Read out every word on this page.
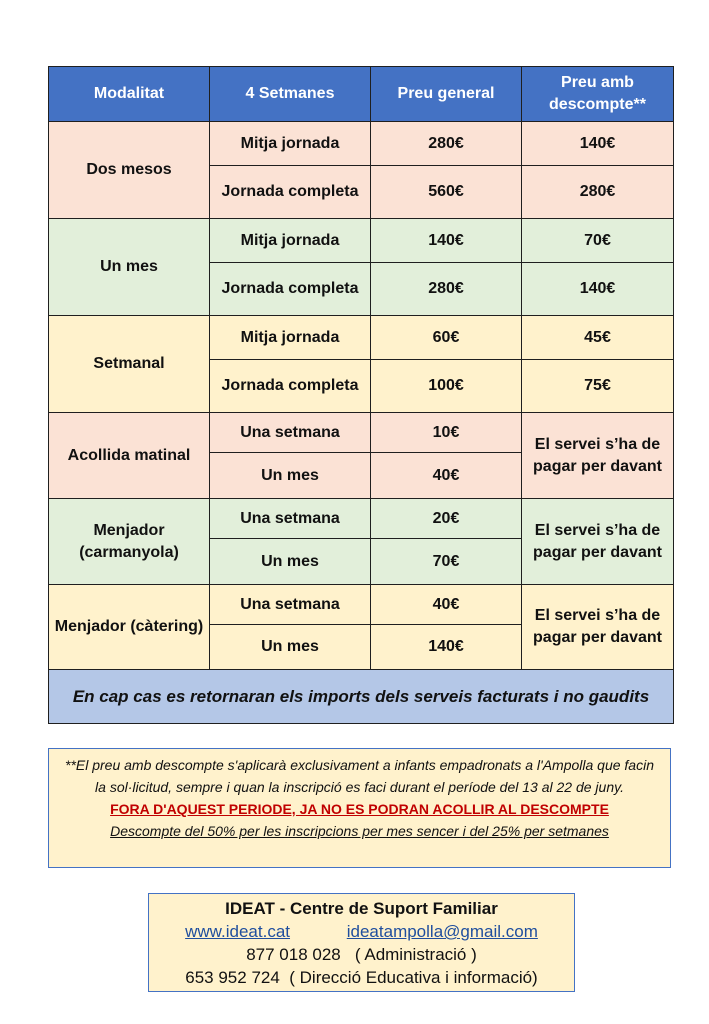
Modalitat	4 Setmanes	Preu general	Preu amb descompte**
Dos mesos	Mitja jornada	280€	140€
	Jornada completa	560€	280€
Un mes	Mitja jornada	140€	70€
	Jornada completa	280€	140€
Setmanal	Mitja jornada	60€	45€
	Jornada completa	100€	75€
Acollida matinal	Una setmana	10€	El servei s’ha de pagar per davant
	Un mes	40€	
Menjador (carmanyola)	Una setmana	20€	El servei s’ha de pagar per davant
	Un mes	70€	
Menjador (càtering)	Una setmana	40€	El servei s’ha de pagar per davant
	Un mes	140€	
En cap cas es retornaran els imports dels serveis facturats i no gaudits			
**El preu amb descompte s'aplicarà exclusivament a infants empadronats a l'Ampolla que facin la sol·licitud, sempre i quan la inscripció es faci durant el període del 13 al 22 de juny.
FORA D'AQUEST PERIODE, JA NO ES PODRAN ACOLLIR AL DESCOMPTE
Descompte del 50% per les inscripcions per mes sencer i del 25% per setmanes
IDEAT - Centre de Suport Familiar
www.ideat.cat	ideatampolla@gmail.com
877 018 028   ( Administració )
653 952 724  ( Direcció Educativa i informació)
